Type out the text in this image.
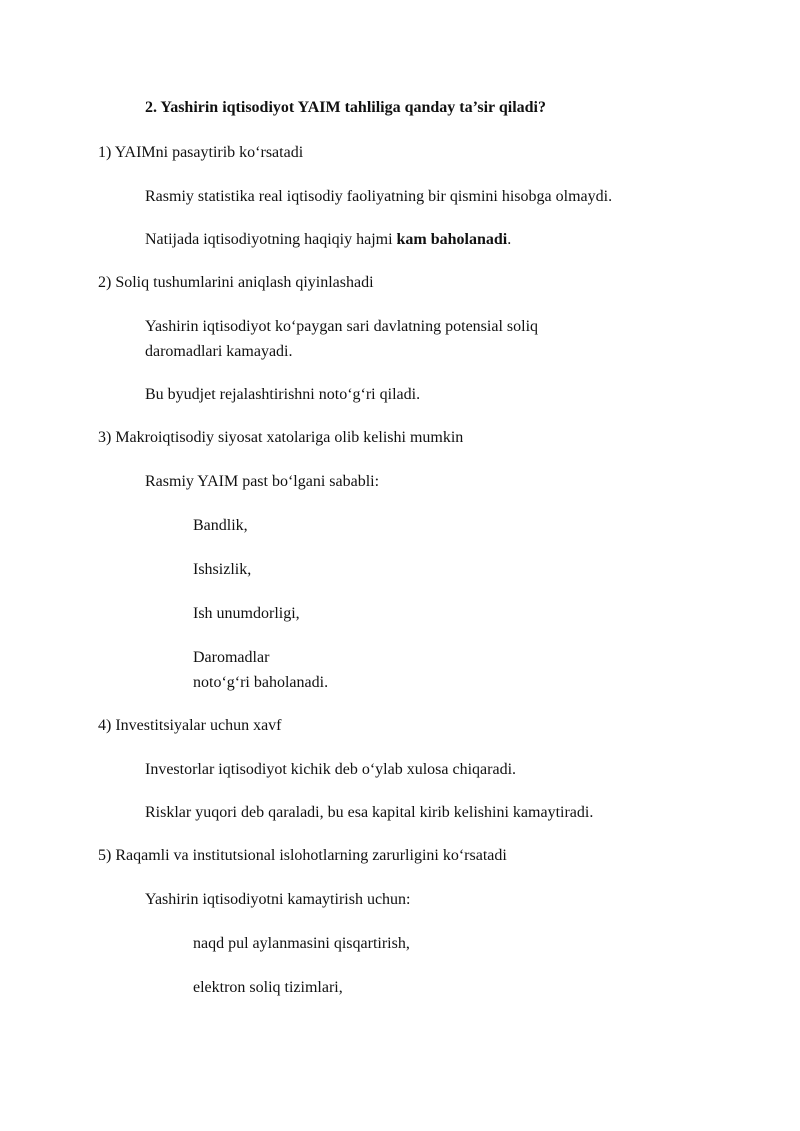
2. Yashirin iqtisodiyot YAIM tahliliga qanday ta’sir qiladi?

1) YAIMni pasaytirib ko‘rsatadi

Rasmiy statistika real iqtisodiy faoliyatning bir qismini hisobga olmaydi.

Natijada iqtisodiyotning haqiqiy hajmi kam baholanadi.

2) Soliq tushumlarini aniqlash qiyinlashadi

Yashirin iqtisodiyot ko‘paygan sari davlatning potensial soliq

daromadlari kamayadi.

Bu byudjet rejalashtirishni noto‘g‘ri qiladi.

3) Makroiqtisodiy siyosat xatolariga olib kelishi mumkin

Rasmiy YAIM past bo‘lgani sababli:

Bandlik,

Ishsizlik,

Ish unumdorligi,

Daromadlar

noto‘g‘ri baholanadi.

4) Investitsiyalar uchun xavf

Investorlar iqtisodiyot kichik deb o‘ylab xulosa chiqaradi.

Risklar yuqori deb qaraladi, bu esa kapital kirib kelishini kamaytiradi.

5) Raqamli va institutsional islohotlarning zarurligini ko‘rsatadi

Yashirin iqtisodiyotni kamaytirish uchun:

naqd pul aylanmasini qisqartirish,

elektron soliq tizimlari,
